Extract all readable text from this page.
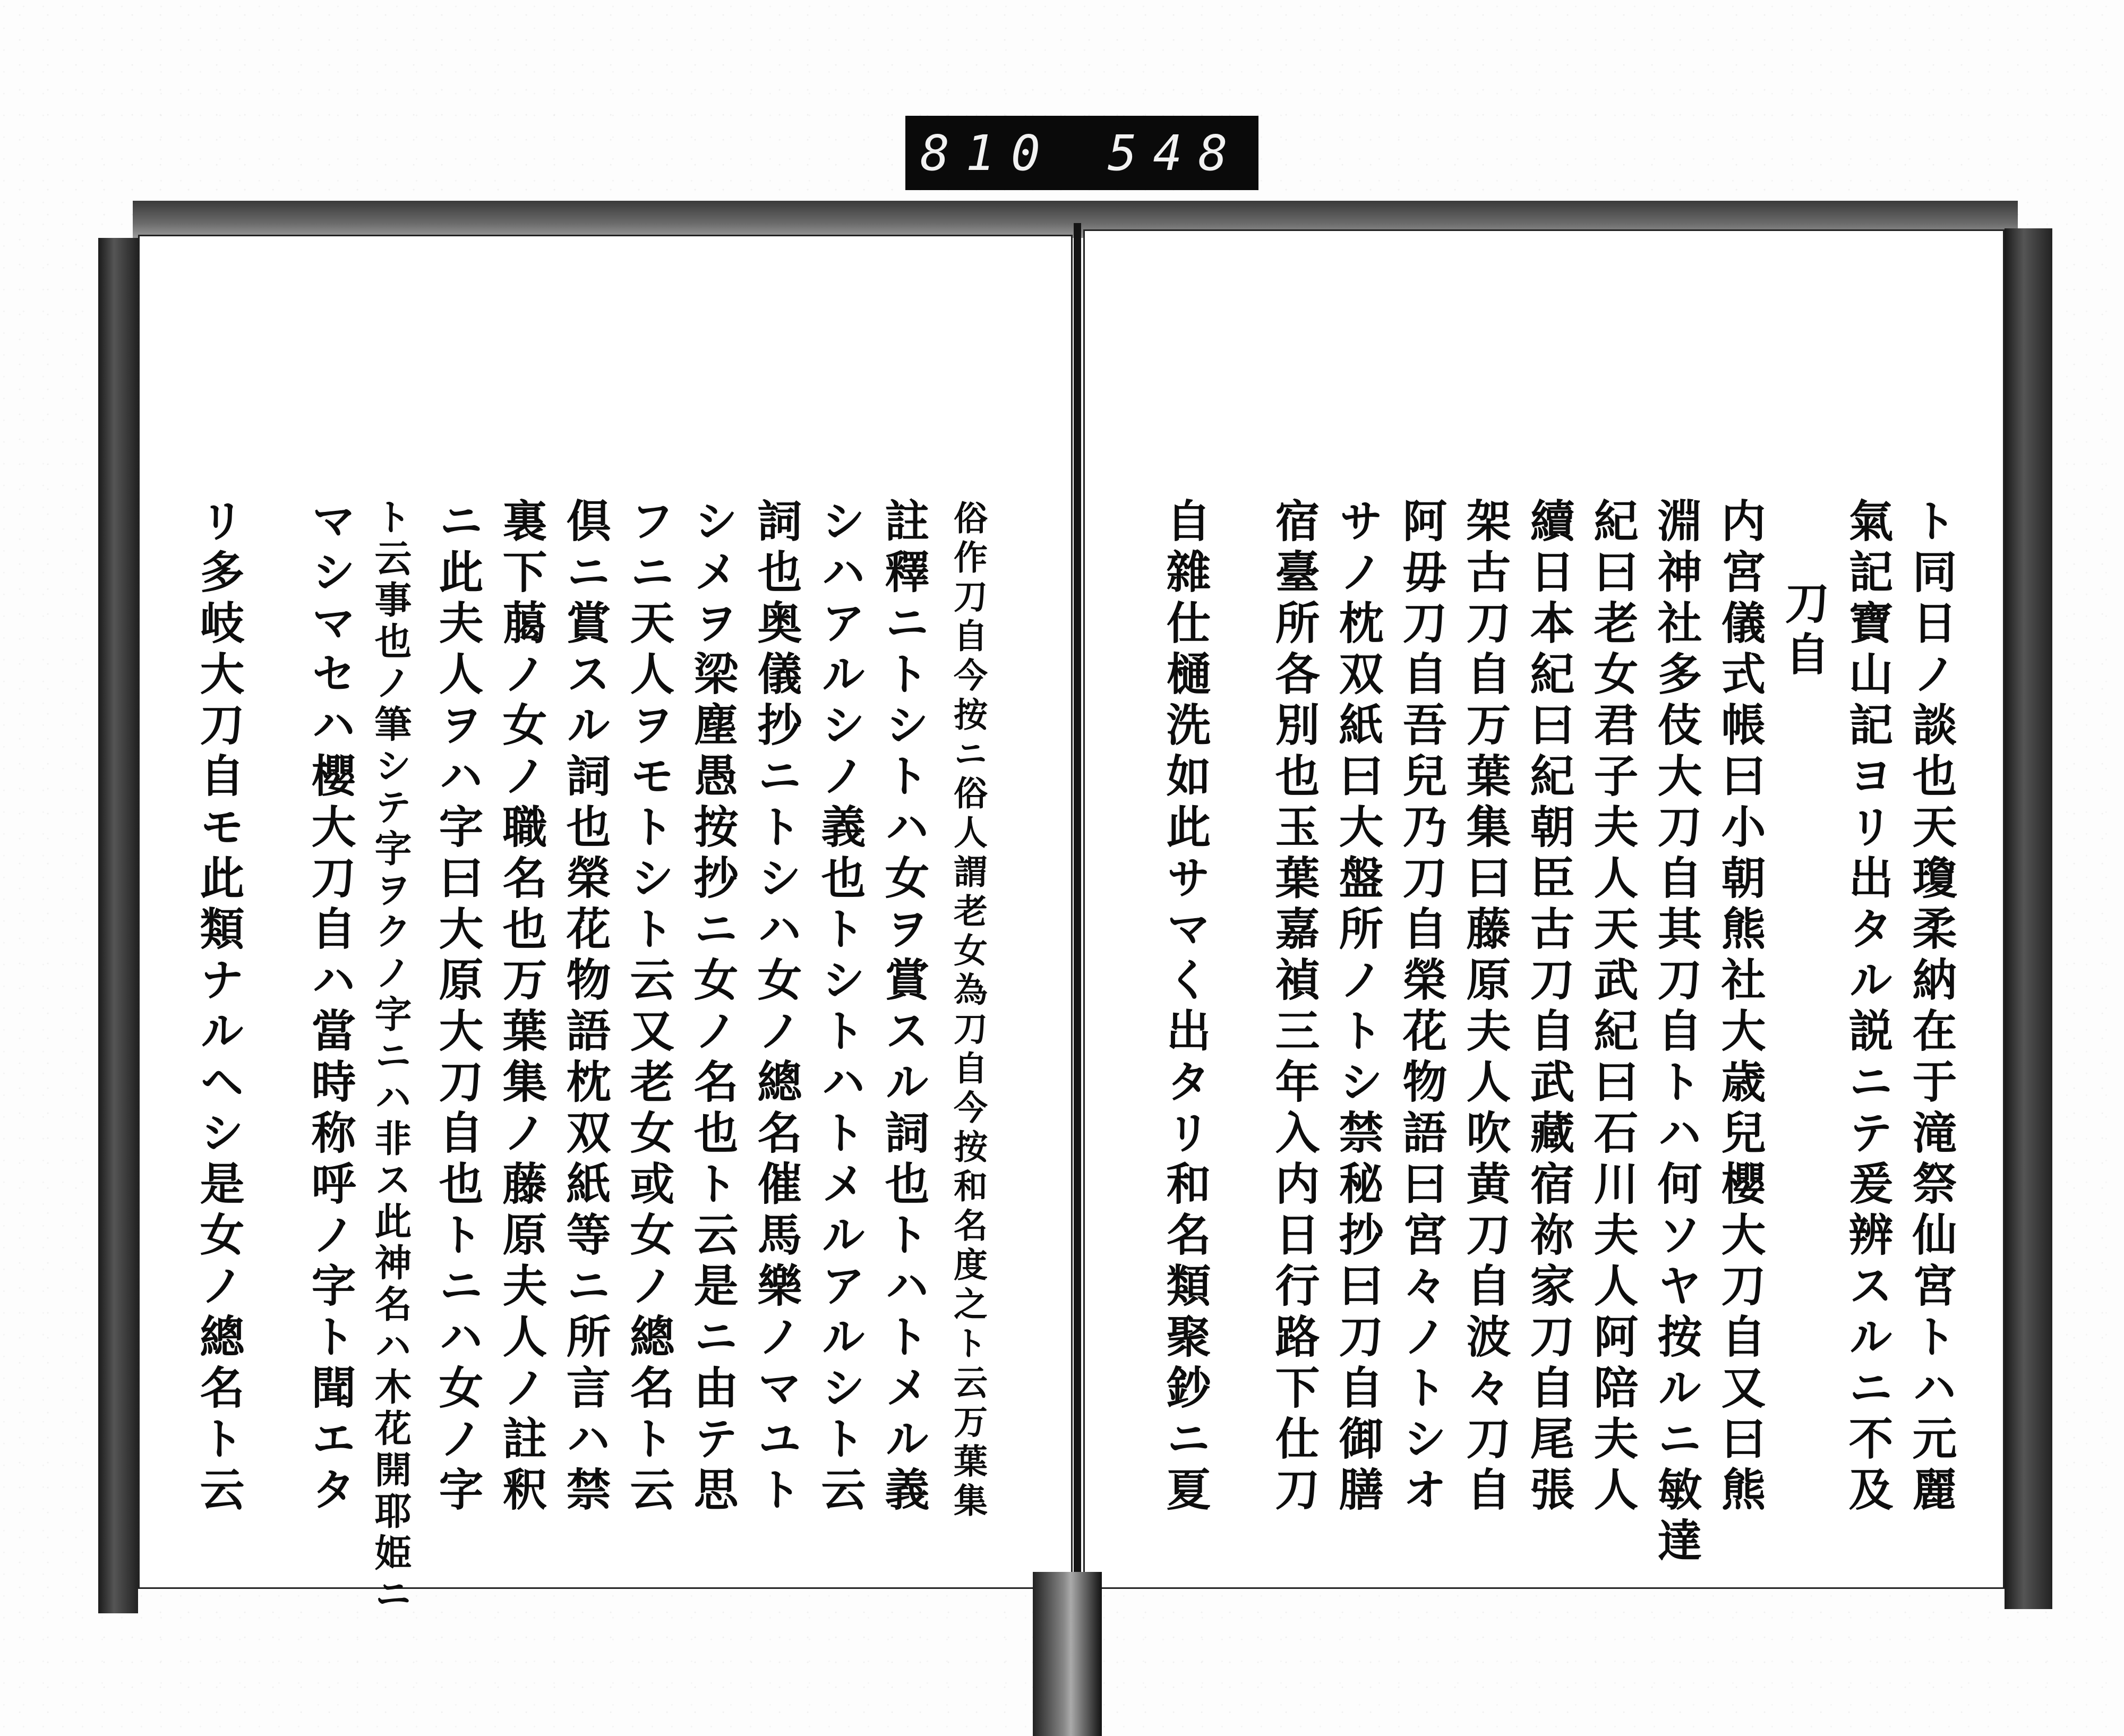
810 548
俗作刀自今按ニ俗人謂老女為刀自今按和名度之ト云万葉集
註釋ニトシトハ女ヲ賞スル詞也トハトメル義
シハアルシノ義也トシトハトメルアルシト云
詞也奥儀抄ニトシハ女ノ總名催馬樂ノマユト
シメヲ梁塵愚按抄ニ女ノ名也ト云是ニ由テ思
フニ天人ヲモトシト云又老女或女ノ總名ト云
倶ニ賞スル詞也榮花物語枕双紙等ニ所言ハ禁
裏下﨟ノ女ノ職名也万葉集ノ藤原夫人ノ註釈
ニ此夫人ヲハ字曰大原大刀自也トニハ女ノ字
ト云事也ノ筆シテ字ヲクノ字ニハ非ス此神名ハ木花開耶姫ニ
マシマセハ櫻大刀自ハ當時称呼ノ字ト聞エタ
リ多岐大刀自モ此類ナルヘシ是女ノ總名ト云	ト同日ノ談也天瓊柔納在于滝祭仙宮トハ元麗
氣記寶山記ヨリ出タル説ニテ爰辨スルニ不及
刀自
内宮儀式帳曰小朝熊社大歳兒櫻大刀自又曰熊
淵神社多伎大刀自其刀自トハ何ソヤ按ルニ敏達
紀曰老女君子夫人天武紀曰石川夫人阿陪夫人
續日本紀曰紀朝臣古刀自武藏宿祢家刀自尾張
架古刀自万葉集曰藤原夫人吹黄刀自波々刀自
阿毋刀自吾兒乃刀自榮花物語曰宮々ノトシオ
サノ枕双紙曰大盤所ノトシ禁秘抄曰刀自御膳
宿臺所各別也玉葉嘉禎三年入内日行路下仕刀
自雜仕樋洗如此サマく出タリ和名類聚鈔ニ夏
